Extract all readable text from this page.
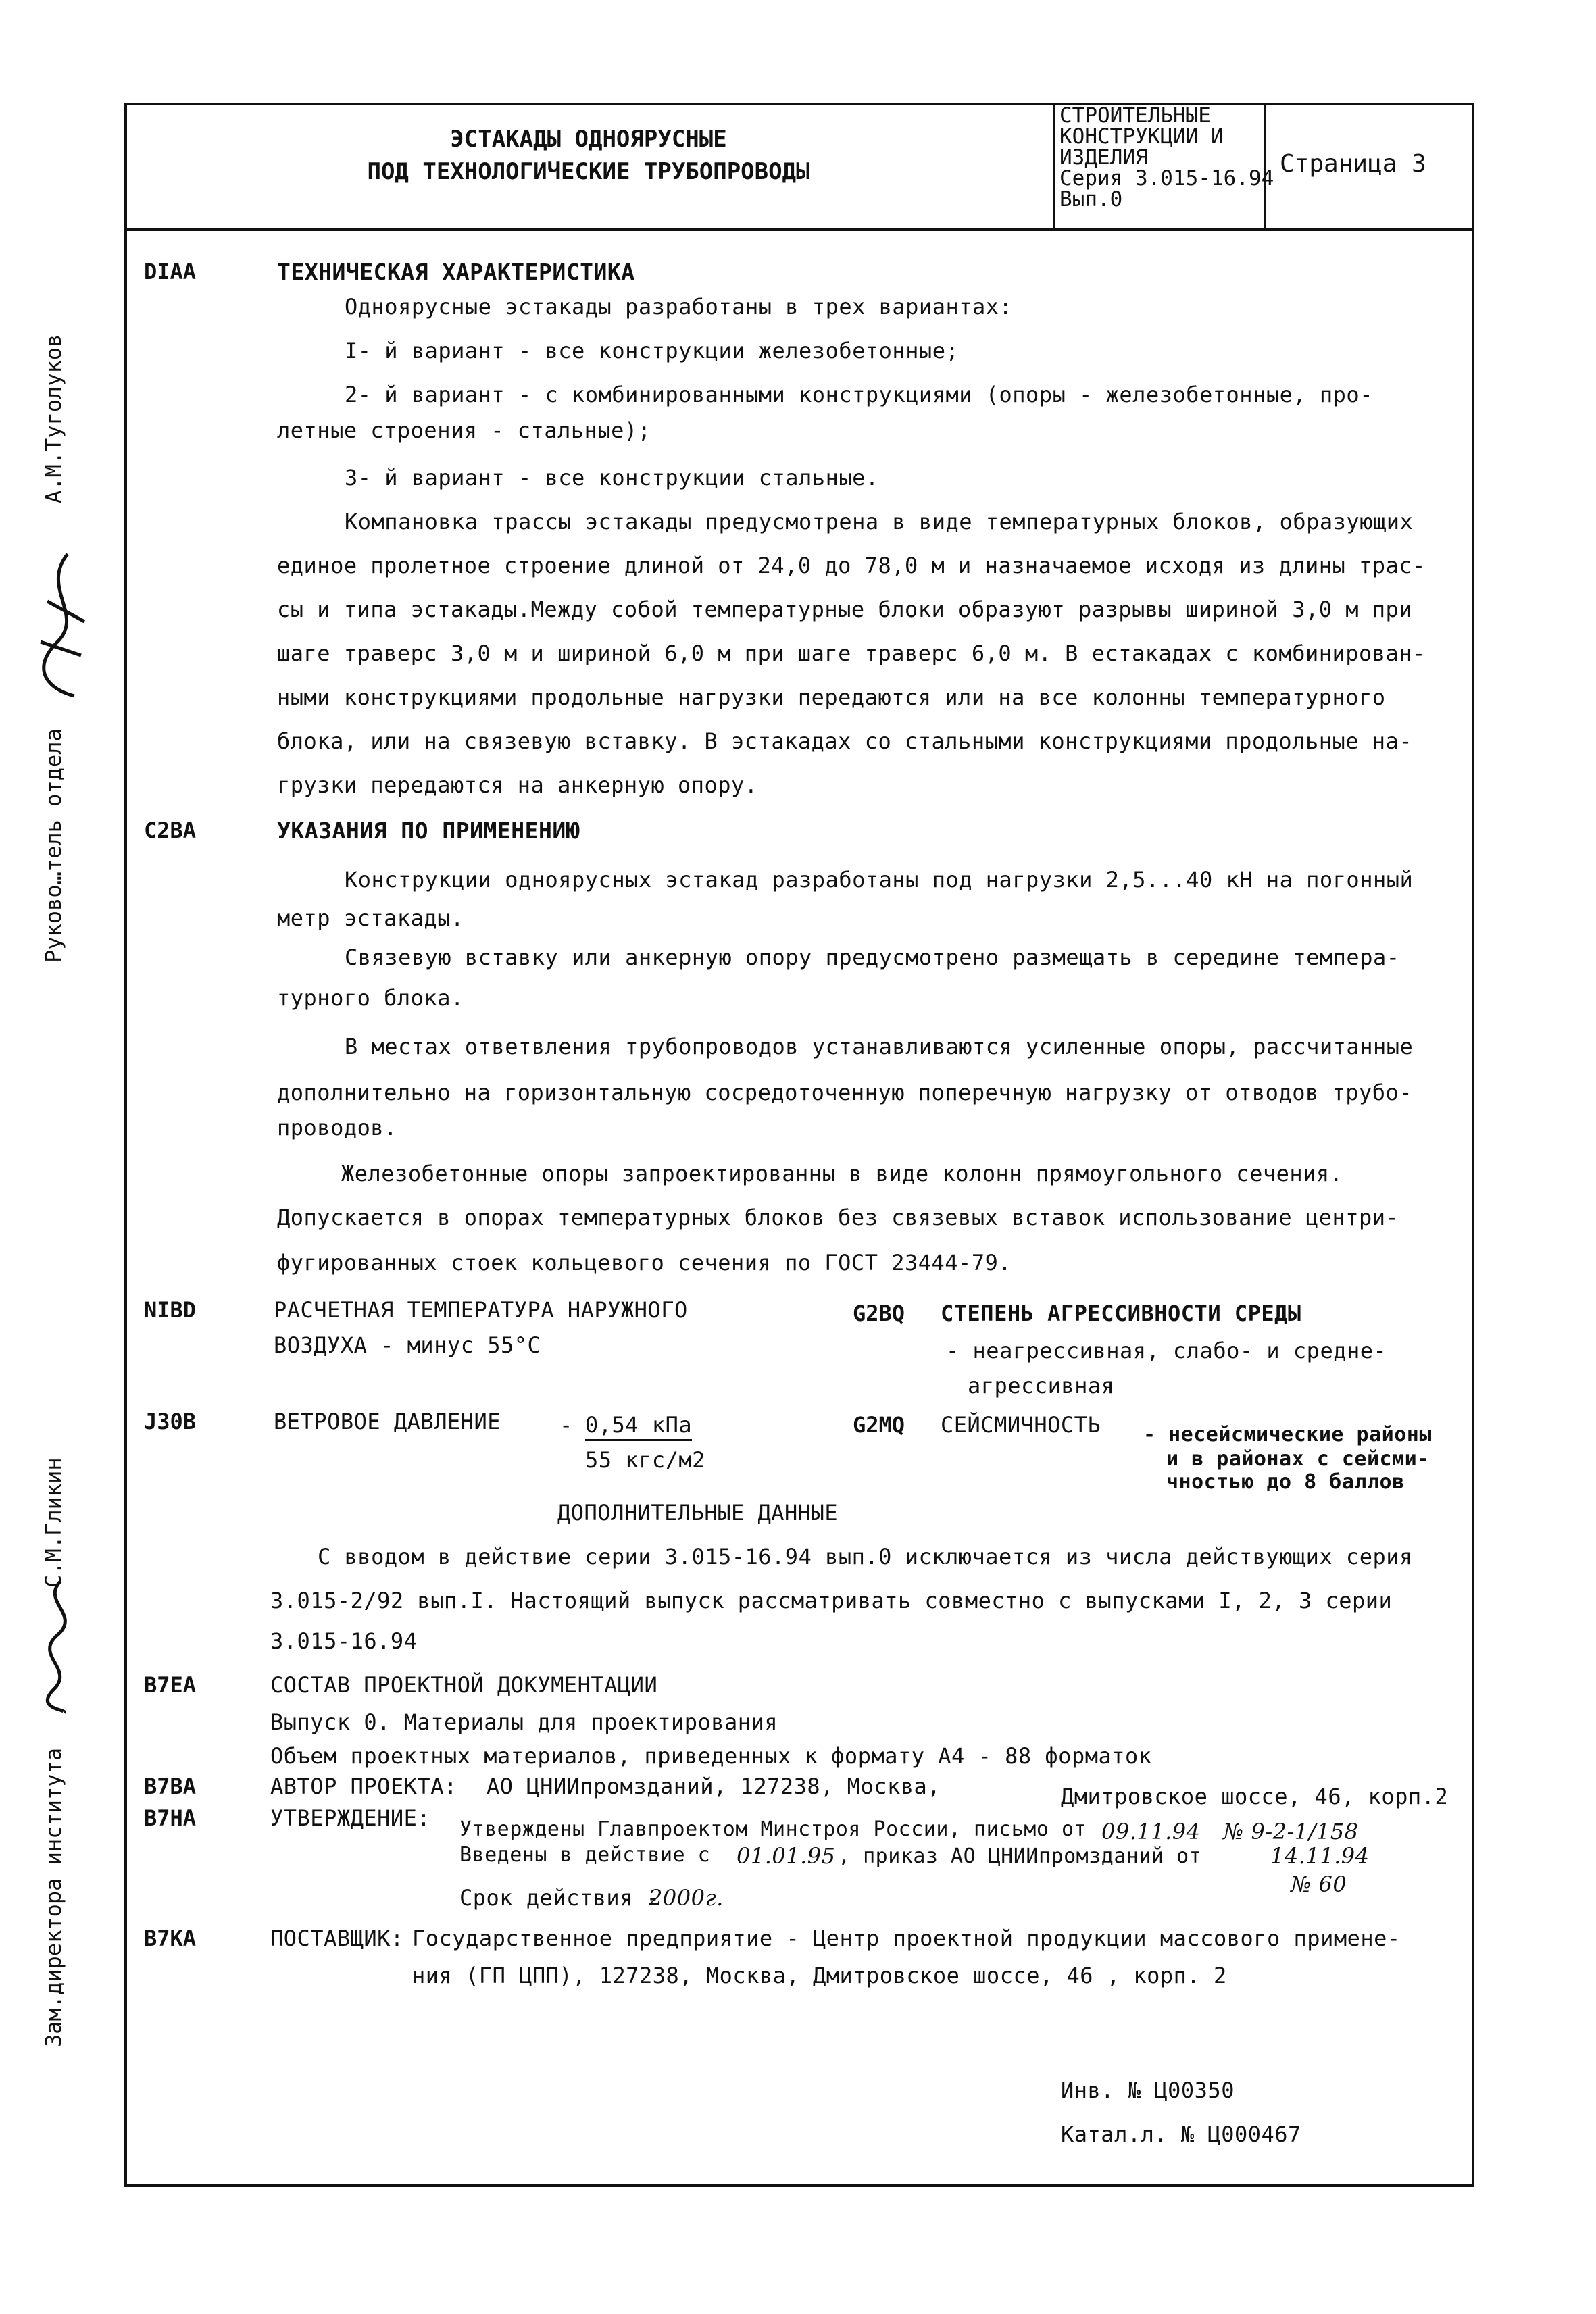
ЭСТАКАДЫ ОДНОЯРУСНЫЕ
ПОД ТЕХНОЛОГИЧЕСКИЕ ТРУБОПРОВОДЫ
СТРОИТЕЛЬНЫЕ
КОНСТРУКЦИИ И
ИЗДЕЛИЯ
Серия 3.015-16.94
Вып.0
Страница 3
Руково…тель отдела
А.М.Туголуков
С.М.Гликин
Зам.директора института
DIAA	ТЕХНИЧЕСКАЯ ХАРАКТЕРИСТИКА
Одноярусные эстакады разработаны в трех вариантах:
I- й вариант - все конструкции железобетонные;
2- й вариант - с комбинированными конструкциями (опоры - железобетонные, про-
летные строения - стальные);
3- й вариант - все конструкции стальные.
Компановка трассы эстакады предусмотрена в виде температурных блоков, образующих
единое пролетное строение длиной от 24,0 до 78,0 м и назначаемое исходя из длины трас-
сы и типа эстакады.Между собой температурные блоки образуют разрывы шириной 3,0 м при
шаге траверс 3,0 м и шириной 6,0 м при шаге траверс 6,0 м. В естакадах с комбинирован-
ными конструкциями продольные нагрузки передаются или на все колонны температурного
блока, или на связевую вставку. В эстакадах со стальными конструкциями продольные на-
грузки передаются на анкерную опору.
C2BA	УКАЗАНИЯ ПО ПРИМЕНЕНИЮ
Конструкции одноярусных эстакад разработаны под нагрузки 2,5...40 кН на погонный
метр эстакады.
Связевую вставку или анкерную опору предусмотрено размещать в середине темпера-
турного блока.
В местах ответвления трубопроводов устанавливаются усиленные опоры, рассчитанные
дополнительно на горизонтальную сосредоточенную поперечную нагрузку от отводов трубо-
проводов.
Железобетонные опоры запроектированны в виде колонн прямоугольного сечения.
Допускается в опорах температурных блоков без связевых вставок использование центри-
фугированных стоек кольцевого сечения по ГОСТ 23444-79.
NIBD	РАСЧЕТНАЯ ТЕМПЕРАТУРА НАРУЖНОГО
ВОЗДУХА - минус 55°С
G2BQ СТЕПЕНЬ АГРЕССИВНОСТИ СРЕДЫ
- неагрессивная, слабо- и средне-
агрессивная
J30B	ВЕТРОВОЕ ДАВЛЕНИЕ	- 0,54 кПа
55 кгс/м2
G2MQ СЕЙСМИЧНОСТЬ - несейсмические районы
и в районах с сейсми-
чностью до 8 баллов
ДОПОЛНИТЕЛЬНЫЕ ДАННЫЕ
С вводом в действие серии 3.015-16.94 вып.0 исключается из числа действующих серия
3.015-2/92 вып.I. Настоящий выпуск рассматривать совместно с выпусками I, 2, 3 серии
3.015-16.94
B7EA	СОСТАВ ПРОЕКТНОЙ ДОКУМЕНТАЦИИ
Выпуск 0. Материалы для проектирования
Объем проектных материалов, приведенных к формату А4 - 88 форматок
B7BA	АВТОР ПРОЕКТА: АО ЦНИИпромзданий, 127238, Москва,	Дмитровское шоссе, 46, корп.2
B7HA	УТВЕРЖДЕНИЕ: Утверждены Главпроектом Минстроя России, письмо от 09.11.94 № 9-2-1/158
Введены в действие с 01.01.95 , приказ АО ЦНИИпромзданий от	14.11.94
№ 60
Срок действия -
2000г.
B7KA	ПОСТАВЩИК: Государственное предприятие - Центр проектной продукции массового примене-
ния (ГП ЦПП), 127238, Москва, Дмитровское шоссе, 46 , корп. 2
Инв. № Ц00350
Катал.л. № Ц000467
